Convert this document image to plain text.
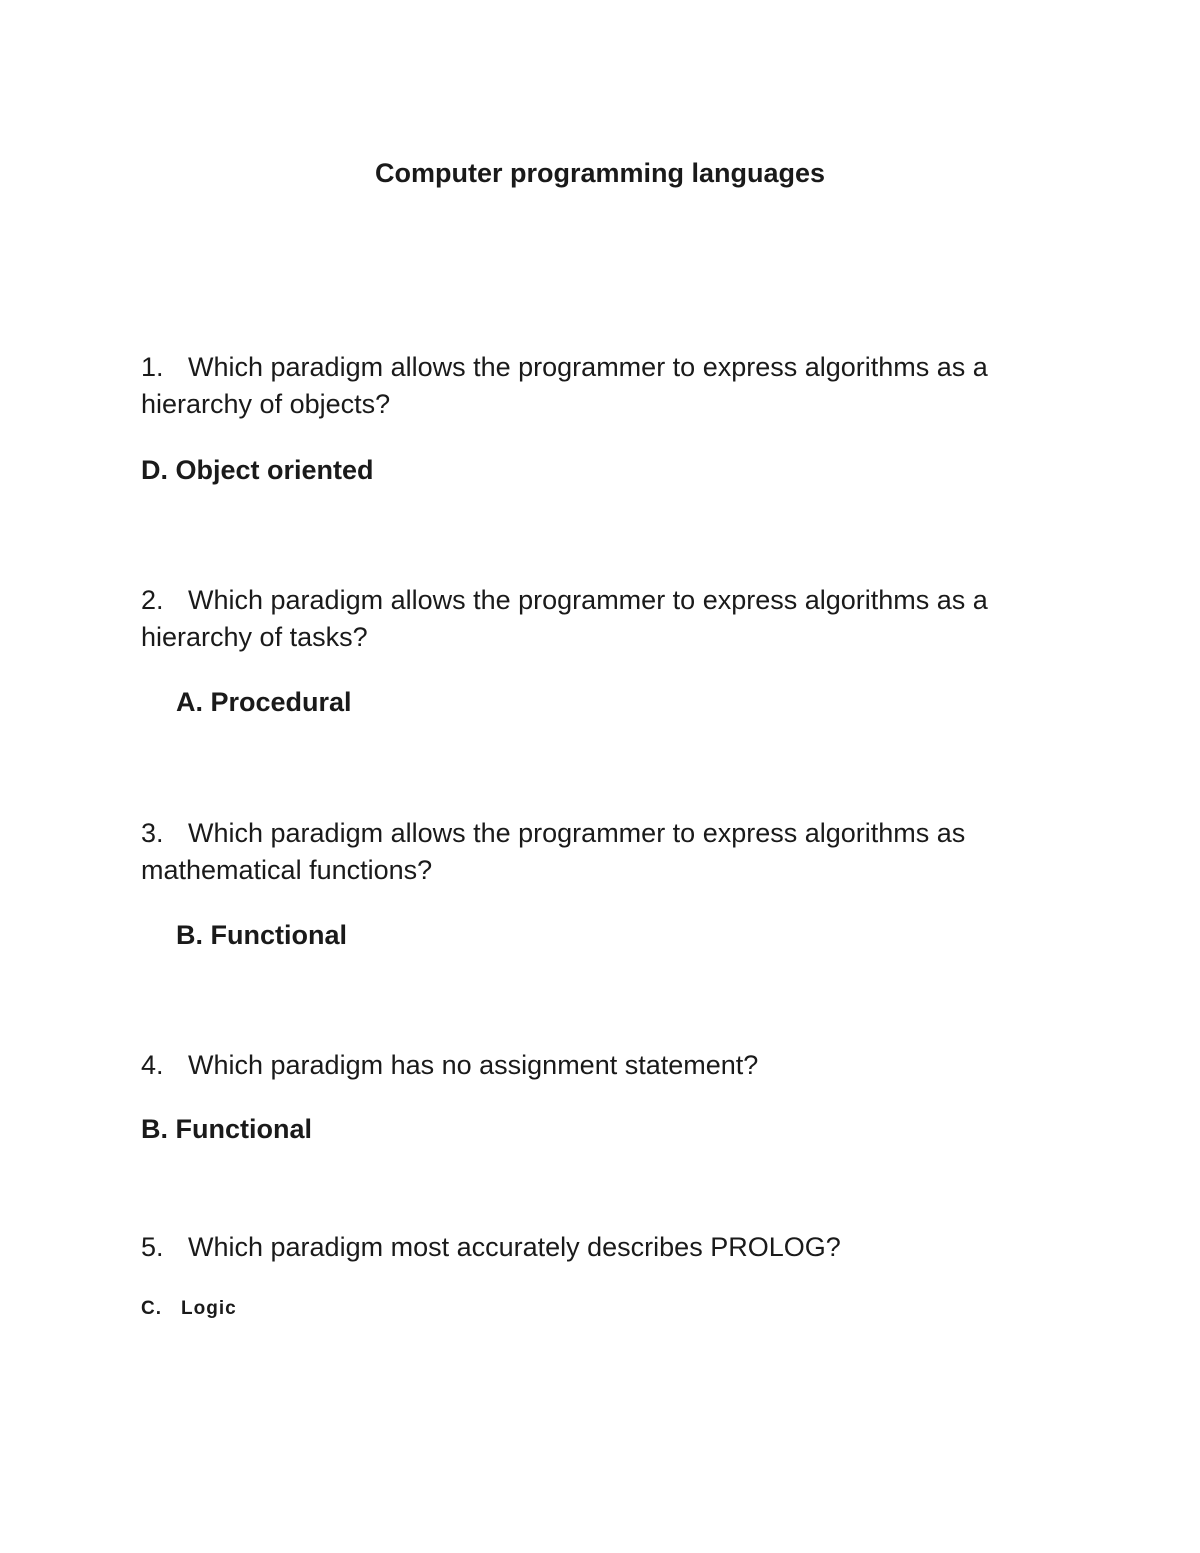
Computer programming languages
1. Which paradigm allows the programmer to express algorithms as a hierarchy of objects?
D. Object oriented
2. Which paradigm allows the programmer to express algorithms as a hierarchy of tasks?
A. Procedural
3. Which paradigm allows the programmer to express algorithms as mathematical functions?
B. Functional
4. Which paradigm has no assignment statement?
B. Functional
5. Which paradigm most accurately describes PROLOG?
C. Logic
